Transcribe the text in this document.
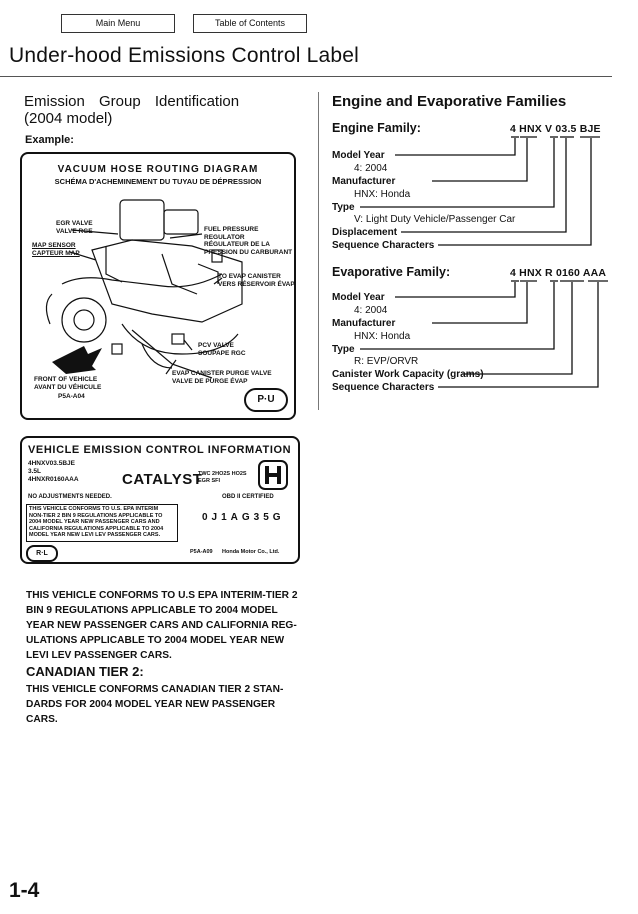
Main Menu	Table of Contents
Under-hood Emissions Control Label
Emission Group Identification
(2004 model)
Example:
VACUUM HOSE ROUTING DIAGRAM
SCHÉMA D'ACHEMINEMENT DU TUYAU DE DÉPRESSION
EGR VALVE
VALVE RGE
MAP SENSOR
CAPTEUR MAP
FUEL PRESSURE
REGULATOR
RÉGULATEUR DE LA
PRESSION DU CARBURANT
TO EVAP CANISTER
VERS RÉSERVOIR ÉVAP
PCV VALVE
SOUPAPE RGC
EVAP CANISTER PURGE VALVE
VALVE DE PURGE ÉVAP
FRONT OF VEHICLE
AVANT DU VÉHICULE
P5A-A04	P·U
VEHICLE EMISSION CONTROL INFORMATION
4HNXV03.5BJE
3.5L
4HNXR0160AAA	CATALYST
TWC 2HO2S HO2S
EGR SFI
NO ADJUSTMENTS NEEDED.	OBD II CERTIFIED
THIS VEHICLE CONFORMS TO U.S. EPA INTERIM
NON-TIER 2 BIN 9 REGULATIONS APPLICABLE TO
2004 MODEL YEAR NEW PASSENGER CARS AND
CALIFORNIA REGULATIONS APPLICABLE TO 2004
MODEL YEAR NEW LEVI LEV PASSENGER CARS.
0J1AG35G
R·L	P5A-A09 Honda Motor Co., Ltd.
THIS VEHICLE CONFORMS TO U.S EPA INTERIM-TIER 2
BIN 9 REGULATIONS APPLICABLE TO 2004 MODEL
YEAR NEW PASSENGER CARS AND CALIFORNIA REG-
ULATIONS APPLICABLE TO 2004 MODEL YEAR NEW
LEVI LEV PASSENGER CARS.
CANADIAN TIER 2:
THIS VEHICLE CONFORMS CANADIAN TIER 2 STAN-
DARDS FOR 2004 MODEL YEAR NEW PASSENGER
CARS.
1-4
Engine and Evaporative Families
Engine Family:	4 HNX V 03.5 BJE
Model Year
4: 2004
Manufacturer
HNX: Honda
Type
V: Light Duty Vehicle/Passenger Car
Displacement
Sequence Characters
Evaporative Family:	4 HNX R 0160 AAA
Model Year
4: 2004
Manufacturer
HNX: Honda
Type
R: EVP/ORVR
Canister Work Capacity (grams)
Sequence Characters
